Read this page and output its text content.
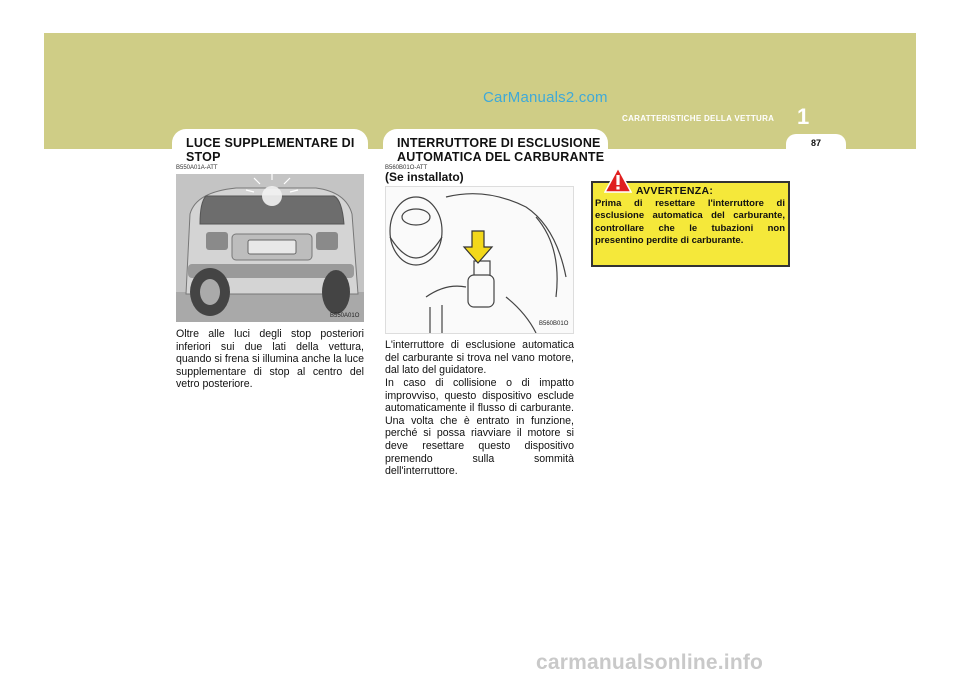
CarManuals2.com
CARATTERISTICHE DELLA VETTURA 1
87
LUCE SUPPLEMENTARE DI
STOP
B550A01A-ATT
B550A01O
Oltre alle luci degli stop posteriori inferiori sui due lati della vettura, quando si frena si illumina anche la luce supplementare di stop al centro del vetro posteriore.
INTERRUTTORE DI ESCLUSIONE
AUTOMATICA DEL CARBURANTE
B560B01O-ATT
(Se installato)
B560B01O
L'interruttore di esclusione automatica del carburante si trova nel vano motore, dal lato del guidatore.
In caso di collisione o di impatto improvviso, questo dispositivo esclude automaticamente il flusso di carburante. Una volta che è entrato in funzione, perché si possa riavviare il motore si deve resettare questo dispositivo premendo sulla sommità dell'interruttore.
AVVERTENZA:
Prima di resettare l'interruttore di esclusione automatica del carburante, controllare che le tubazioni non presentino perdite di carburante.
carmanualsonline.info
